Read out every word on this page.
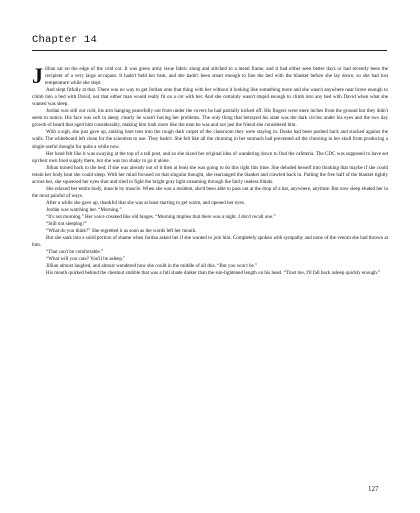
Chapter 14

Jillian sat on the edge of the cold cot. It was green army issue fabric slung and stitched to a metal frame, and it had either seen better days or had recently been the recipient of a very large occupant. It hadn't held her heat, and she hadn't been smart enough to line the bed with the blanket before she lay down, so she had lost temperature while she slept.

And slept fitfully at that. There was no way to get Jordan onto that thing with her without it looking like something more and she wasn't anywhere near brave enough to climb into a bed with David, not that either man would really fit on a cot with her. And she certainly wasn't stupid enough to climb into any bed with David when what she wanted was sleep.

Jordan was still out cold, his arm hanging peacefully out from under the covers he had partially kicked off. His fingers were mere inches from the ground but they didn't seem to notice. His face was soft in sleep; clearly he wasn't having her problems. The only thing that betrayed his state was the dark circles under his eyes and the two day growth of beard that aged him considerably, making him look more like the man he was and not just the friend she considered him.

With a sigh, she just gave up, sinking bare toes into the rough dark carpet of the classroom they were staying in. Desks had been pushed back and stacked against the walls. The whiteboard left clean for the scientists to use. They hadn't. She felt like all the churning in her stomach had prevented all the churning in her skull from producing a single useful thought for quite a while now.

Her head felt like it was swaying at the top of a tall post, and so she nixed her original idea of wandering down to find the cafeteria. The CDC was supposed to have set up their own food supply there, but she was too shaky to go it alone.

Jillian turned back to the bed; if she was already out of it then at least she was going to do this right this time. She deluded herself into thinking that maybe if she could retain her body heat she could sleep. With her mind focused on that singular thought, she rearranged the blanket and crawled back in. Pulling the free half of the blanket tightly across her, she squeezed her eyes shut and tried to fight the bright gray light streaming through the fairly useless blinds.

She relaxed her entire body, muscle by muscle. When she was a resident, she'd been able to pass out at the drop of a hat, anywhere, anytime. But now sleep eluded her in the most painful of ways.

After a while she gave up, thankful that she was at least starting to get warm, and opened her eyes.

Jordan was watching her. “Morning.”

“It's not morning.” Her voice creaked like old hinges. “Morning implies that there was a night. I don't recall one.”

“Still not sleeping?”

“What do you think?” She regretted it as soon as the words left her mouth.

But she sank into a solid portion of shame when Jordan asked her if she wanted to join him. Completely spoken with sympathy and none of the venom she had thrown at him.

“That can't be comfortable.”

“What will you care? You'll be asleep.”

Jillian almost laughed, and almost wondered how she could in the middle of all this. “But you won't be.”

His mouth quirked behind the chestnut stubble that was a full shade darker than the sun-lightened length on his head. “Trust me, I'll fall back asleep quickly enough.”

127
